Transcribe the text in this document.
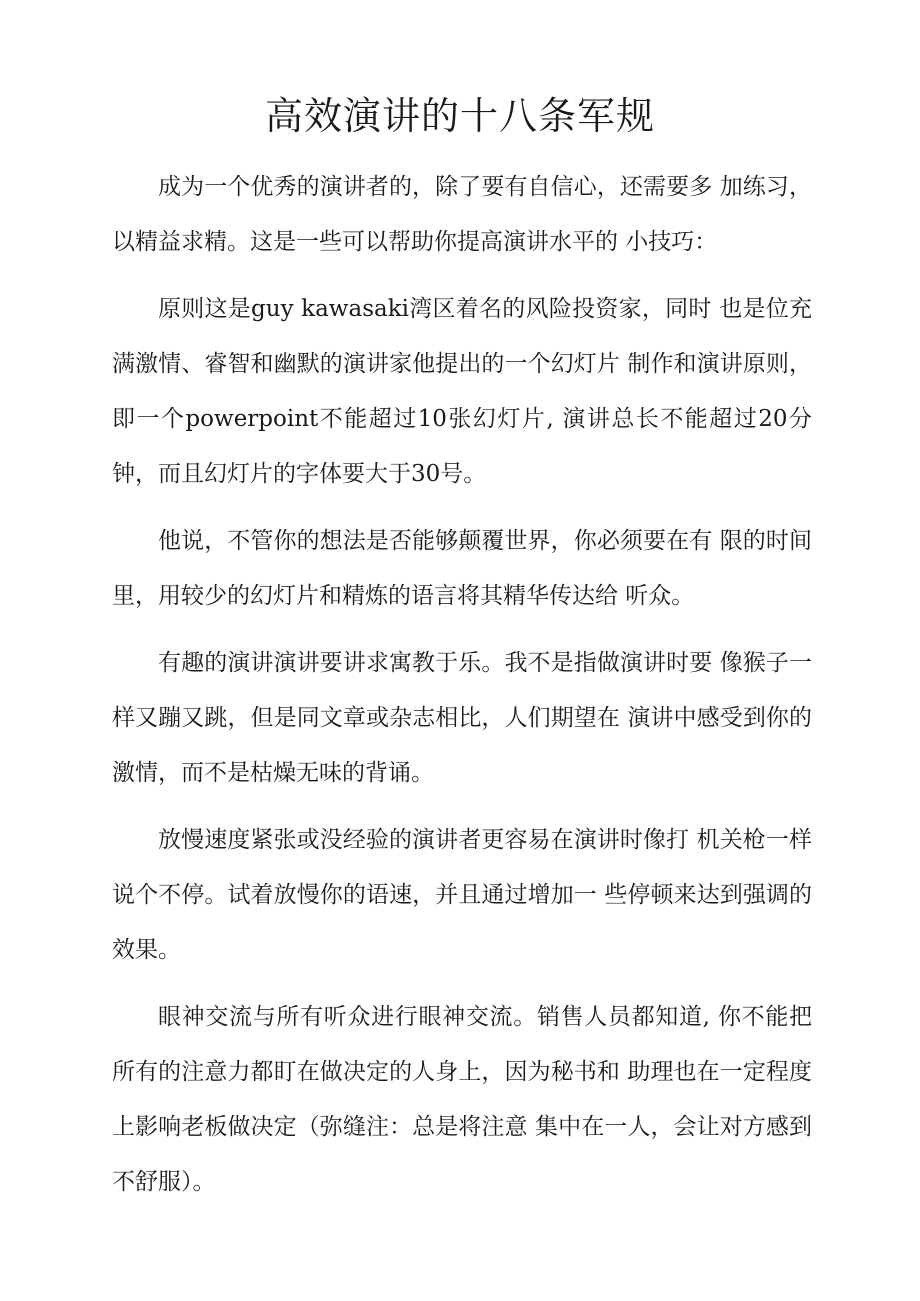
高效演讲的十八条军规

成为一个优秀的演讲者的，除了要有自信心，还需要多 加练习，以精益求精。这是一些可以帮助你提高演讲水平的 小技巧：

原则这是guy kawasaki湾区着名的风险投资家，同时 也是位充满激情、睿智和幽默的演讲家他提出的一个幻灯片 制作和演讲原则，即一个powerpoint不能超过10张幻灯片, 演讲总长不能超过20分钟，而且幻灯片的字体要大于30号。

他说，不管你的想法是否能够颠覆世界，你必须要在有 限的时间里，用较少的幻灯片和精炼的语言将其精华传达给 听众。

有趣的演讲演讲要讲求寓教于乐。我不是指做演讲时要 像猴子一样又蹦又跳，但是同文章或杂志相比，人们期望在 演讲中感受到你的激情，而不是枯燥无味的背诵。

放慢速度紧张或没经验的演讲者更容易在演讲时像打 机关枪一样说个不停。试着放慢你的语速，并且通过增加一 些停顿来达到强调的效果。

眼神交流与所有听众进行眼神交流。销售人员都知道, 你不能把所有的注意力都盯在做决定的人身上，因为秘书和 助理也在一定程度上影响老板做决定（弥缝注：总是将注意 集中在一人，会让对方感到不舒服）。
